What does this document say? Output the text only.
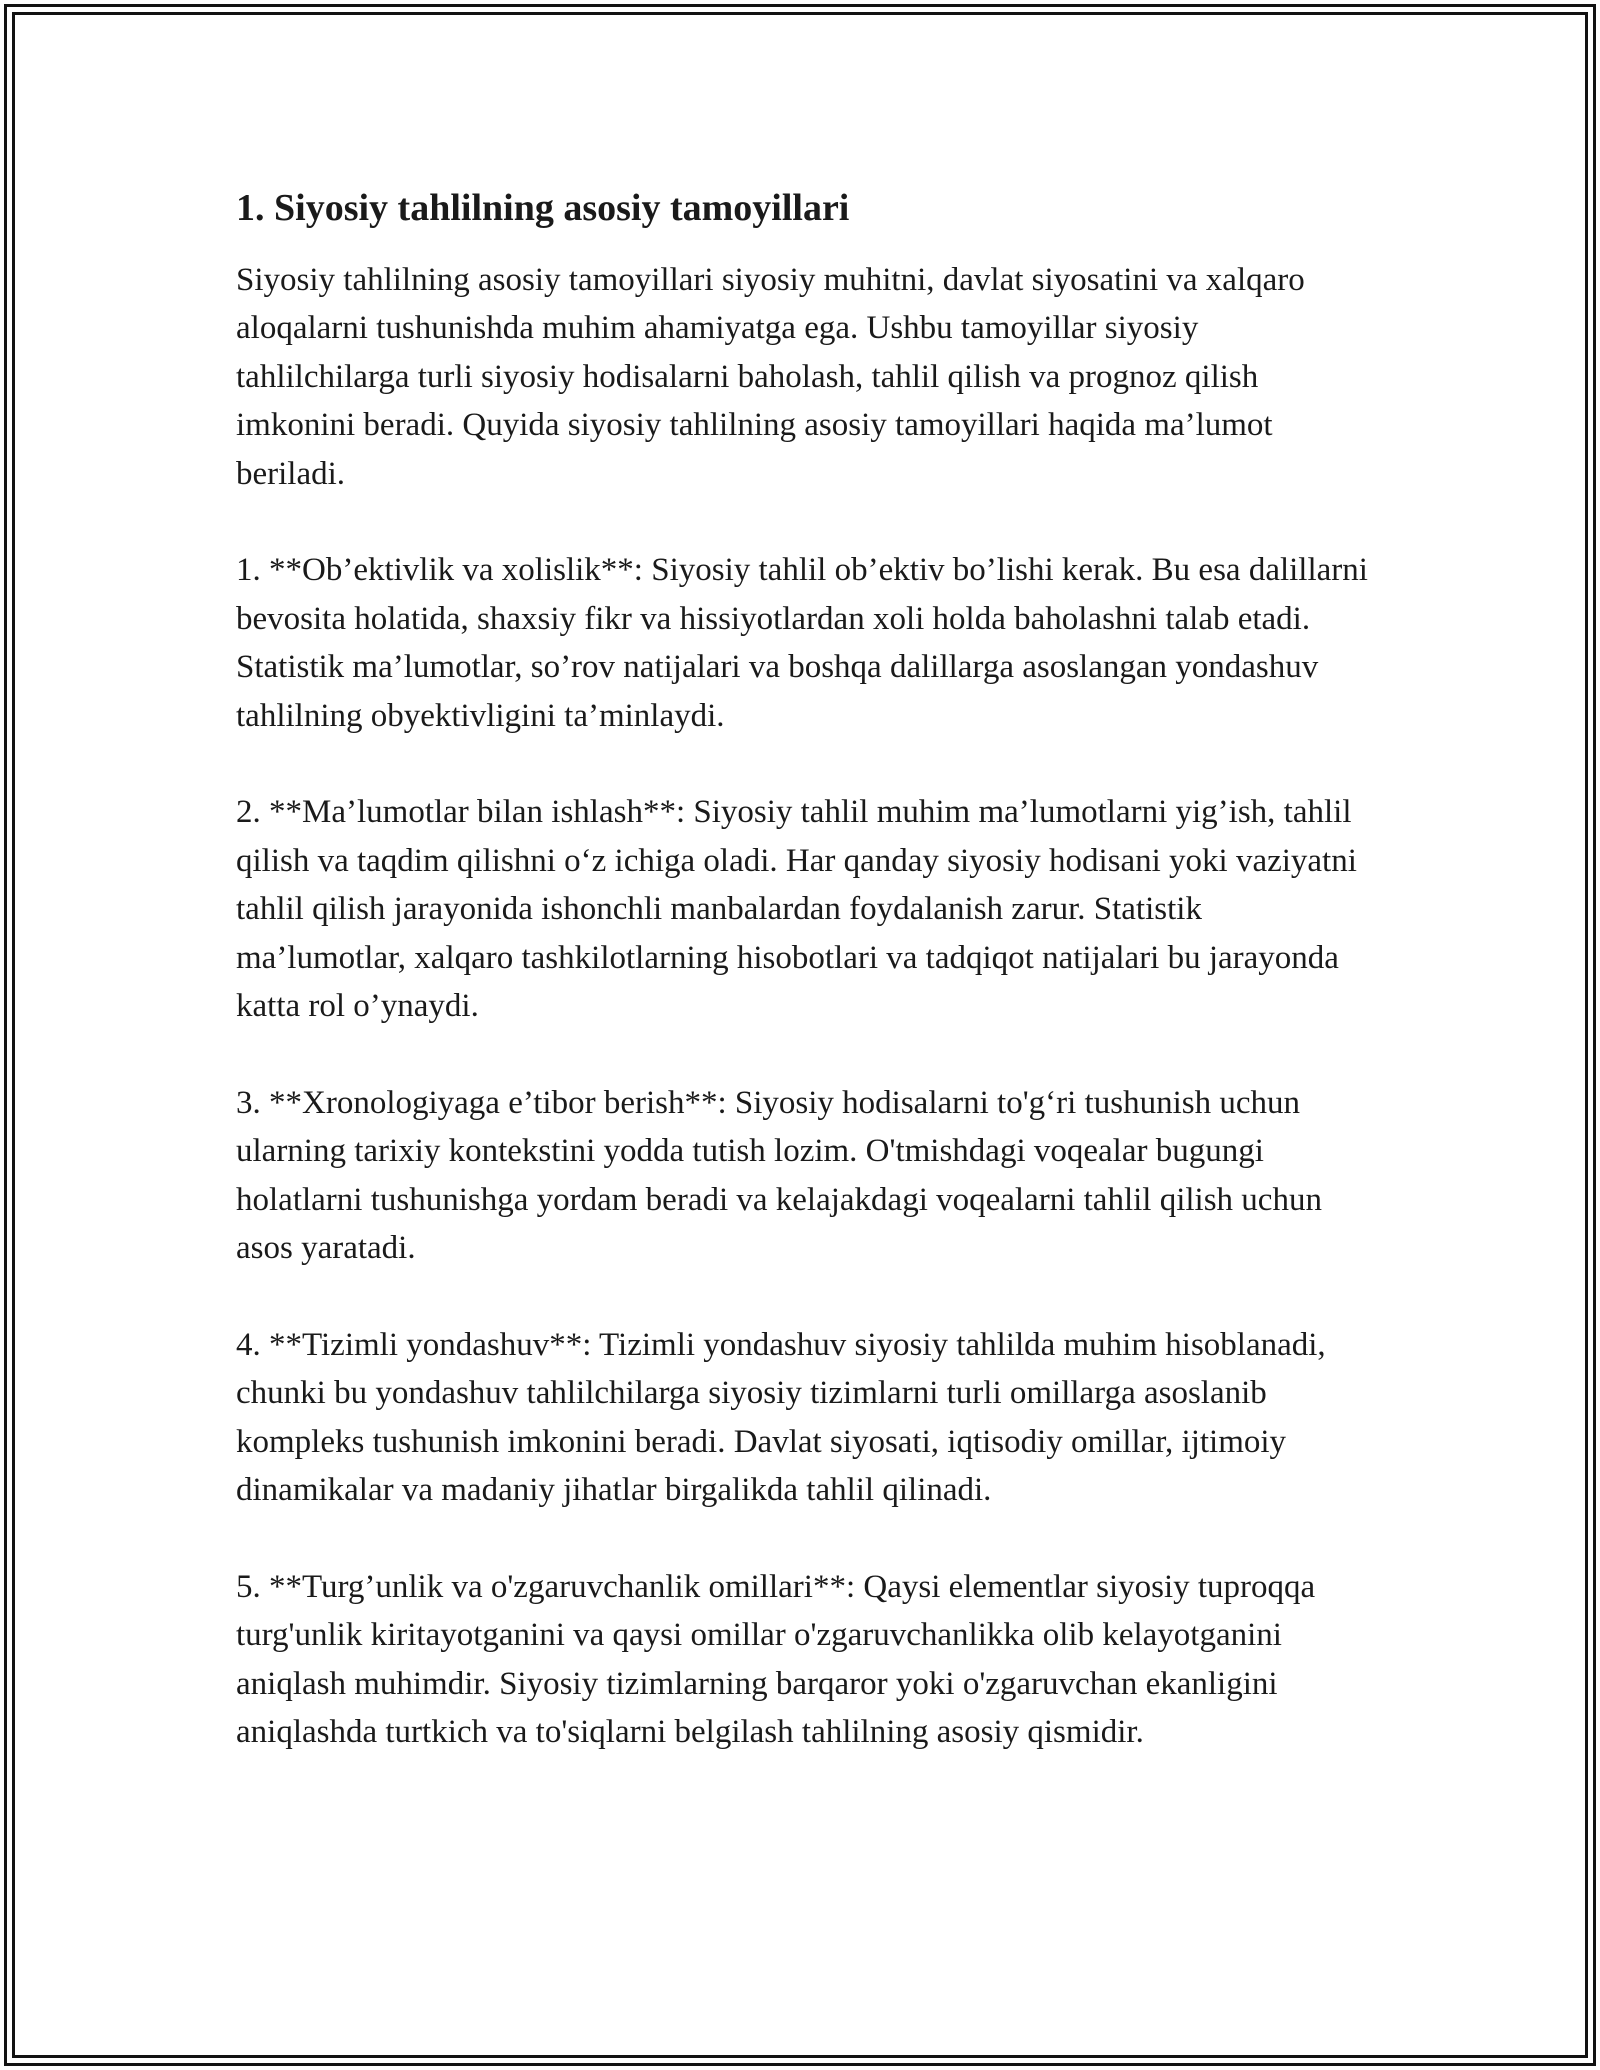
1. Siyosiy tahlilning asosiy tamoyillari

Siyosiy tahlilning asosiy tamoyillari siyosiy muhitni, davlat siyosatini va xalqaro aloqalarni tushunishda muhim ahamiyatga ega. Ushbu tamoyillar siyosiy tahlilchilarga turli siyosiy hodisalarni baholash, tahlil qilish va prognoz qilish imkonini beradi. Quyida siyosiy tahlilning asosiy tamoyillari haqida ma’lumot beriladi.

1. **Ob’ektivlik va xolislik**: Siyosiy tahlil ob’ektiv bo’lishi kerak. Bu esa dalillarni bevosita holatida, shaxsiy fikr va hissiyotlardan xoli holda baholashni talab etadi. Statistik ma’lumotlar, so’rov natijalari va boshqa dalillarga asoslangan yondashuv tahlilning obyektivligini ta’minlaydi.

2. **Ma’lumotlar bilan ishlash**: Siyosiy tahlil muhim ma’lumotlarni yig’ish, tahlil qilish va taqdim qilishni o‘z ichiga oladi. Har qanday siyosiy hodisani yoki vaziyatni tahlil qilish jarayonida ishonchli manbalardan foydalanish zarur. Statistik ma’lumotlar, xalqaro tashkilotlarning hisobotlari va tadqiqot natijalari bu jarayonda katta rol o’ynaydi.

3. **Xronologiyaga e’tibor berish**: Siyosiy hodisalarni to'g‘ri tushunish uchun ularning tarixiy kontekstini yodda tutish lozim. O'tmishdagi voqealar bugungi holatlarni tushunishga yordam beradi va kelajakdagi voqealarni tahlil qilish uchun asos yaratadi.

4. **Tizimli yondashuv**: Tizimli yondashuv siyosiy tahlilda muhim hisoblanadi, chunki bu yondashuv tahlilchilarga siyosiy tizimlarni turli omillarga asoslanib kompleks tushunish imkonini beradi. Davlat siyosati, iqtisodiy omillar, ijtimoiy dinamikalar va madaniy jihatlar birgalikda tahlil qilinadi.

5. **Turg’unlik va o'zgaruvchanlik omillari**: Qaysi elementlar siyosiy tuproqqa turg'unlik kiritayotganini va qaysi omillar o'zgaruvchanlikka olib kelayotganini aniqlash muhimdir. Siyosiy tizimlarning barqaror yoki o'zgaruvchan ekanligini aniqlashda turtkich va to'siqlarni belgilash tahlilning asosiy qismidir.
